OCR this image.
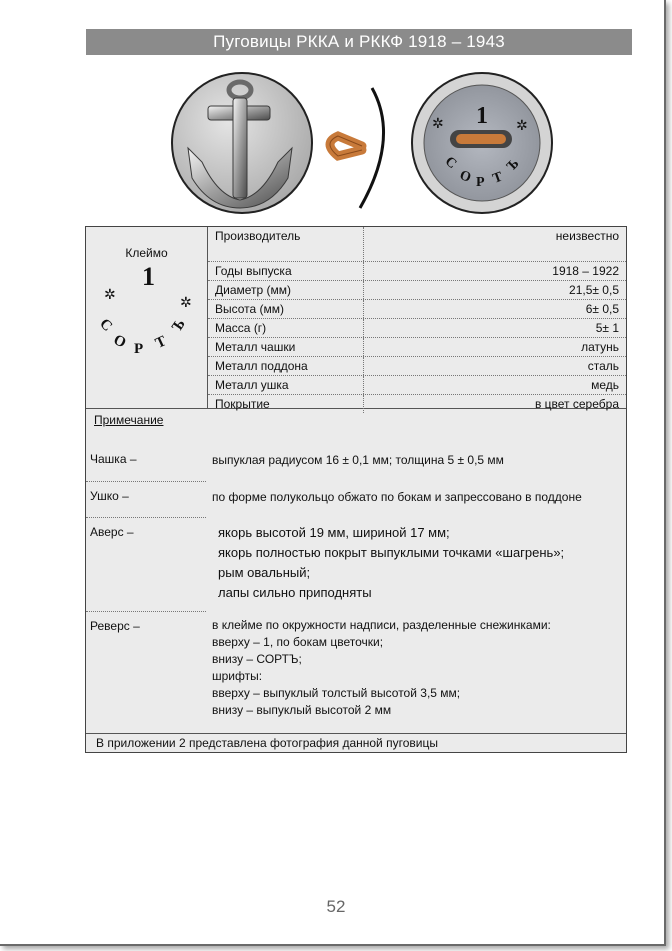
Пуговицы РККА и РККФ 1918 – 1943
1
✲	✲
С
О Р Т
Ъ
Клеймо
1
✲	✲
С
О Р Т
Ъ
Производитель	неизвестно
Годы выпуска	1918 – 1922
Диаметр (мм)	21,5± 0,5
Высота (мм)	6± 0,5
Масса (г)	5± 1
Металл чашки	латунь
Металл поддона	сталь
Металл ушка	медь
Покрытие	в цвет серебра
Примечание
Чашка –	выпуклая радиусом 16 ± 0,1 мм; толщина 5 ± 0,5 мм
Ушко –	по форме полукольцо обжато по бокам и запрессовано в поддоне
Аверс –	якорь высотой 19 мм, шириной 17 мм;
якорь полностью покрыт выпуклыми точками «шагрень»;
рым овальный;
лапы сильно приподняты
Реверс –	в клейме по окружности надписи, разделенные снежинками:
вверху – 1, по бокам цветочки;
внизу – СОРТЪ;
шрифты:
вверху – выпуклый толстый высотой 3,5 мм;
внизу – выпуклый высотой 2 мм
В приложении 2 представлена фотография данной пуговицы
52
